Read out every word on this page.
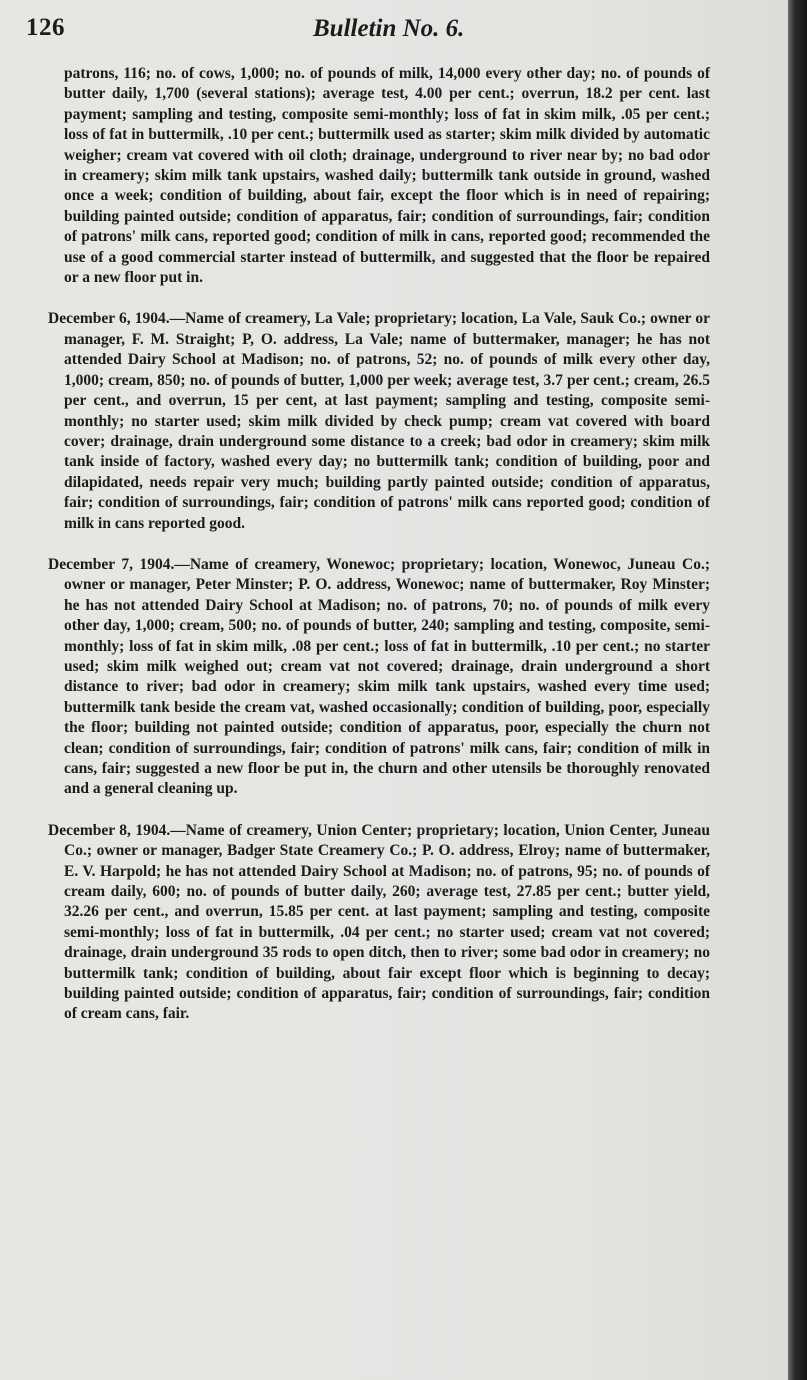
126	Bulletin No. 6.

patrons, 116; no. of cows, 1,000; no. of pounds of milk, 14,000 every other day; no. of pounds of butter daily, 1,700 (several stations); average test, 4.00 per cent.; overrun, 18.2 per cent. last payment; sampling and testing, composite semi-monthly; loss of fat in skim milk, .05 per cent.; loss of fat in buttermilk, .10 per cent.; buttermilk used as starter; skim milk divided by automatic weigher; cream vat covered with oil cloth; drainage, underground to river near by; no bad odor in creamery; skim milk tank upstairs, washed daily; buttermilk tank outside in ground, washed once a week; condition of building, about fair, except the floor which is in need of repairing; building painted outside; condition of apparatus, fair; condition of surroundings, fair; condition of patrons' milk cans, reported good; condition of milk in cans, reported good; recommended the use of a good commercial starter instead of buttermilk, and suggested that the floor be repaired or a new floor put in.

December 6, 1904.—Name of creamery, La Vale; proprietary; location, La Vale, Sauk Co.; owner or manager, F. M. Straight; P, O. address, La Vale; name of buttermaker, manager; he has not attended Dairy School at Madison; no. of patrons, 52; no. of pounds of milk every other day, 1,000; cream, 850; no. of pounds of butter, 1,000 per week; average test, 3.7 per cent.; cream, 26.5 per cent., and overrun, 15 per cent, at last payment; sampling and testing, composite semi-monthly; no starter used; skim milk divided by check pump; cream vat covered with board cover; drainage, drain underground some distance to a creek; bad odor in creamery; skim milk tank inside of factory, washed every day; no buttermilk tank; condition of building, poor and dilapidated, needs repair very much; building partly painted outside; condition of apparatus, fair; condition of surroundings, fair; condition of patrons' milk cans reported good; condition of milk in cans reported good.

December 7, 1904.—Name of creamery, Wonewoc; proprietary; location, Wonewoc, Juneau Co.; owner or manager, Peter Minster; P. O. address, Wonewoc; name of buttermaker, Roy Minster; he has not attended Dairy School at Madison; no. of patrons, 70; no. of pounds of milk every other day, 1,000; cream, 500; no. of pounds of butter, 240; sampling and testing, composite, semi-monthly; loss of fat in skim milk, .08 per cent.; loss of fat in buttermilk, .10 per cent.; no starter used; skim milk weighed out; cream vat not covered; drainage, drain underground a short distance to river; bad odor in creamery; skim milk tank upstairs, washed every time used; buttermilk tank beside the cream vat, washed occasionally; condition of building, poor, especially the floor; building not painted outside; condition of apparatus, poor, especially the churn not clean; condition of surroundings, fair; condition of patrons' milk cans, fair; condition of milk in cans, fair; suggested a new floor be put in, the churn and other utensils be thoroughly renovated and a general cleaning up.

December 8, 1904.—Name of creamery, Union Center; proprietary; location, Union Center, Juneau Co.; owner or manager, Badger State Creamery Co.; P. O. address, Elroy; name of buttermaker, E. V. Harpold; he has not attended Dairy School at Madison; no. of patrons, 95; no. of pounds of cream daily, 600; no. of pounds of butter daily, 260; average test, 27.85 per cent.; butter yield, 32.26 per cent., and overrun, 15.85 per cent. at last payment; sampling and testing, composite semi-monthly; loss of fat in buttermilk, .04 per cent.; no starter used; cream vat not covered; drainage, drain underground 35 rods to open ditch, then to river; some bad odor in creamery; no buttermilk tank; condition of building, about fair except floor which is beginning to decay; building painted outside; condition of apparatus, fair; condition of surroundings, fair; condition of cream cans, fair.
